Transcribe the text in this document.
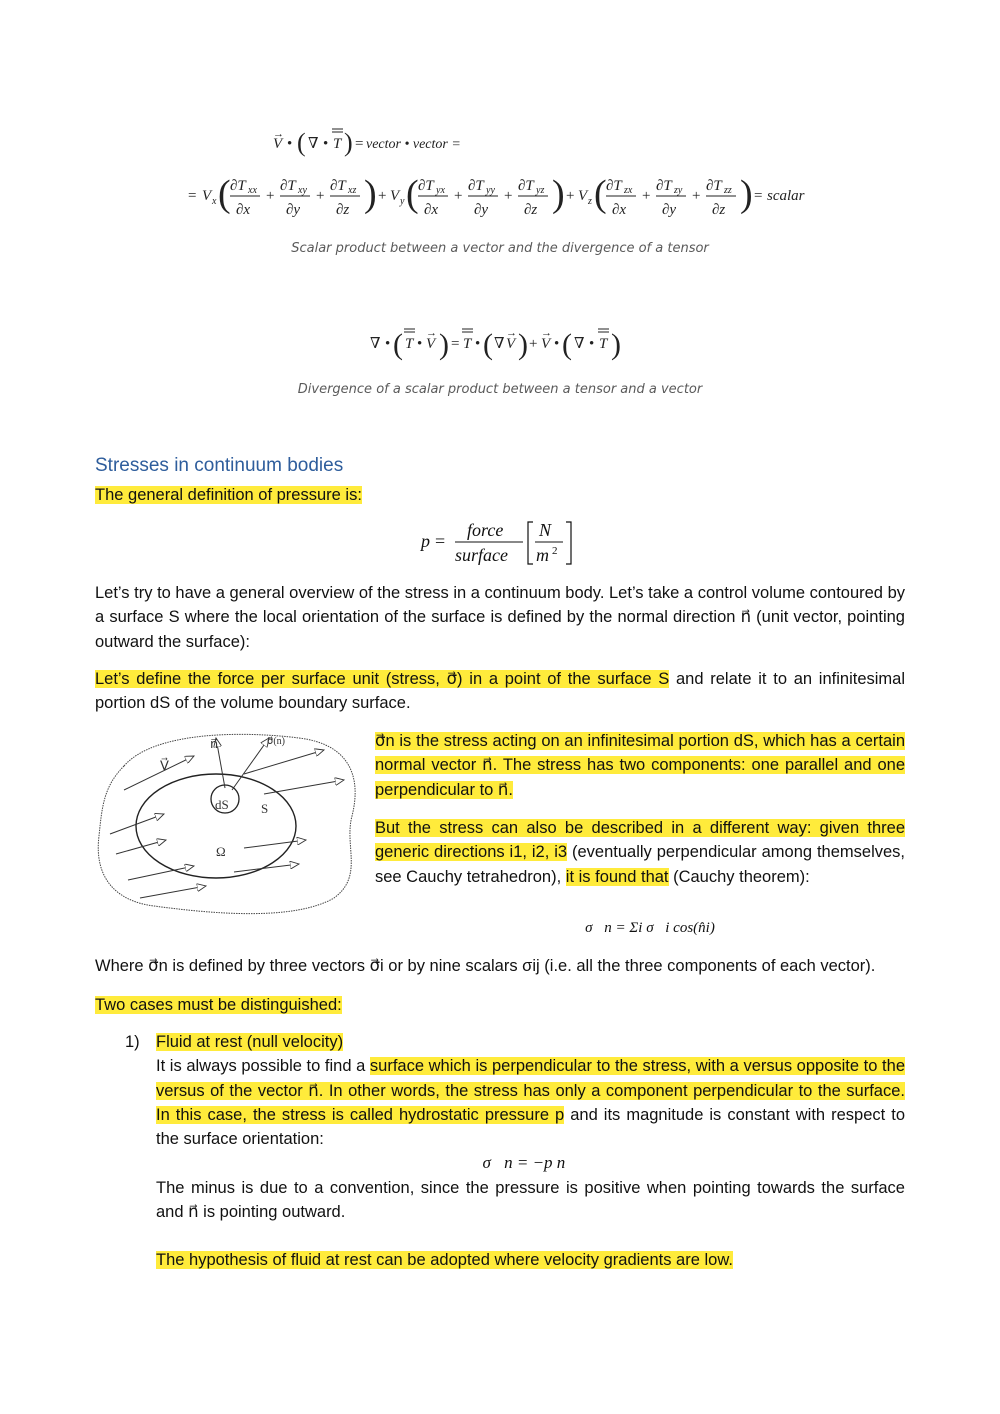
V
→
• ( ∇ • T ) = vector • vector =
= V x ( ∂T xx
∂x
+
∂T xy
∂y
+
∂T xz
∂z ) + V y ( ∂T yx
∂x
+
∂T yy
∂y
+
∂T yz
∂z ) + V z ( ∂T zx
∂x
+
∂T zy
∂y
+
∂T zz
∂z ) = scalar
Scalar product between a vector and the divergence of a tensor
∇ • ( T • V
→ ) = T • ( ∇ V
→ ) + V
→
• ( ∇ • T )
Divergence of a scalar product between a tensor and a vector
Stresses in continuum bodies
The general definition of pressure is:
p =
force
surface
N
m 2
Let’s try to have a general overview of the stress in a continuum body. Let’s take a control volume contoured by a surface S where the local orientation of the surface is defined by the normal direction n⃗ (unit vector, pointing outward the surface):
Let’s define the force per surface unit (stress, σ⃗) in a point of the surface S and relate it to an infinitesimal portion dS of the volume boundary surface.
V⃗
n⃗	σ⃗(n)
dS S
Ω
σ⃗n is the stress acting on an infinitesimal portion dS, which has a certain normal vector n⃗. The stress has two components: one parallel and one perpendicular to n⃗.
But the stress can also be described in a different way: given three generic directions i1, i2, i3 (eventually perpendicular among themselves, see Cauchy tetrahedron), it is found that (Cauchy theorem):
σ⃗n = Σi σ⃗i cos(n̂i)
Where σ⃗n is defined by three vectors σ⃗i or by nine scalars σij (i.e. all the three components of each vector).
Two cases must be distinguished:
1) Fluid at rest (null velocity)
It is always possible to find a surface which is perpendicular to the stress, with a versus opposite to the versus of the vector n⃗. In other words, the stress has only a component perpendicular to the surface. In this case, the stress is called hydrostatic pressure p and its magnitude is constant with respect to the surface orientation:
σ⃗n = −p n⃗
The minus is due to a convention, since the pressure is positive when pointing towards the surface and n⃗ is pointing outward.
The hypothesis of fluid at rest can be adopted where velocity gradients are low.
